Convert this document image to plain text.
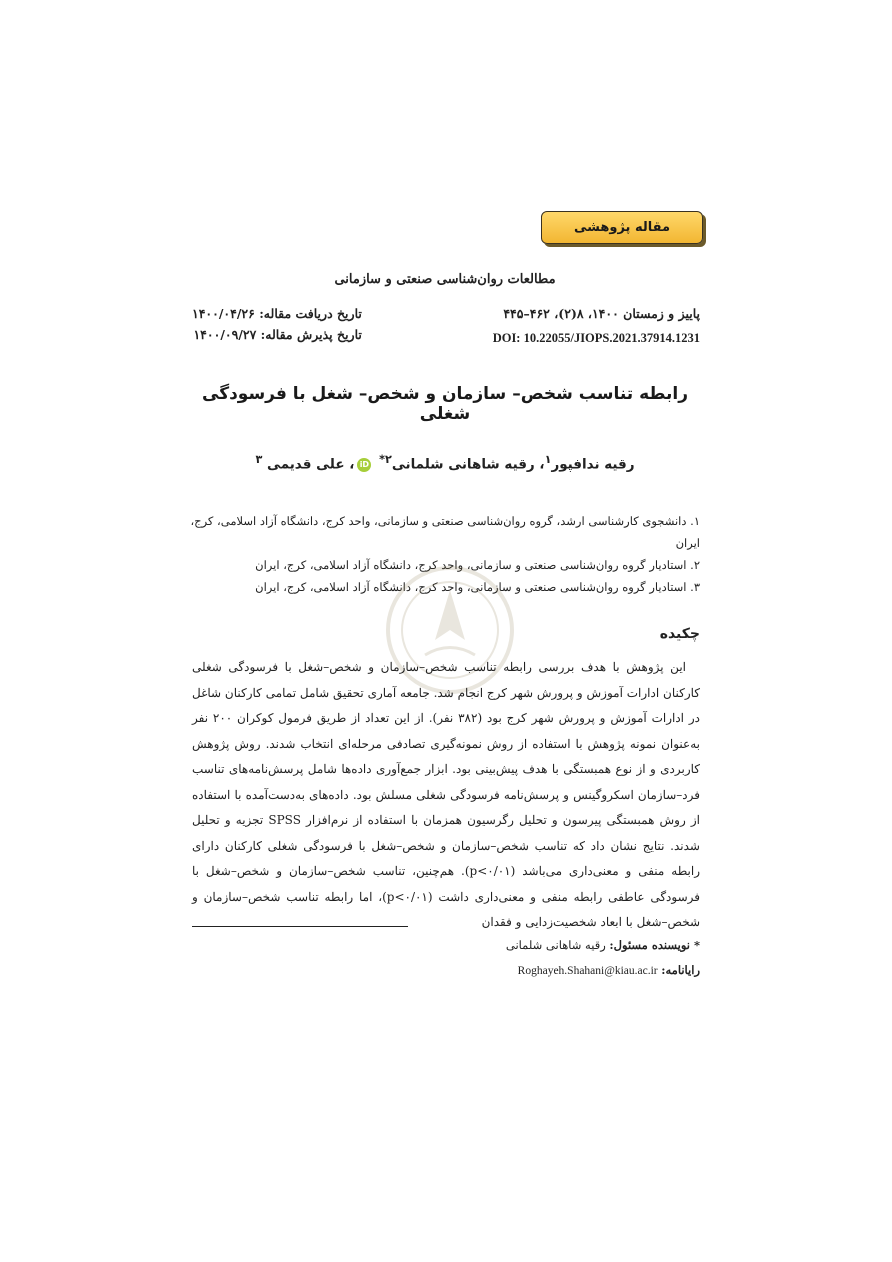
مقاله پژوهشی
مطالعات روان‌شناسی صنعتی و سازمانی
پاییز و زمستان ۱۴۰۰، ۸(۲)، ۴۶۲–۴۴۵
DOI: 10.22055/JIOPS.2021.37914.1231
تاریخ دریافت مقاله: ۱۴۰۰/۰۴/۲۶
تاریخ پذیرش مقاله: ۱۴۰۰/۰۹/۲۷
رابطه تناسب شخص– سازمان و شخص– شغل با فرسودگی شغلی
رقیه ندافپور$^۱$، رقیه شاهانی شلمانی$^{۲*}$ iD، علی قدیمی $^۳$
۱. دانشجوی کارشناسی ارشد، گروه روان‌شناسی صنعتی و سازمانی، واحد کرج، دانشگاه آزاد اسلامی، کرج، ایران
۲. استادیار گروه روان‌شناسی صنعتی و سازمانی، واحد کرج، دانشگاه آزاد اسلامی، کرج، ایران
۳. استادیار گروه روان‌شناسی صنعتی و سازمانی، واحد کرج، دانشگاه آزاد اسلامی، کرج، ایران
چکیده
این پژوهش با هدف بررسی رابطه تناسب شخص–سازمان و شخص–شغل با فرسودگی شغلی کارکنان ادارات آموزش و پرورش شهر کرج انجام شد. جامعه آماری تحقیق شامل تمامی کارکنان شاغل در ادارات آموزش و پرورش شهر کرج بود (۳۸۲ نفر). از این تعداد از طریق فرمول کوکران ۲۰۰ نفر به‌عنوان نمونه پژوهش با استفاده از روش نمونه‌گیری تصادفی مرحله‌ای انتخاب شدند. روش پژوهش کاربردی و از نوع همبستگی با هدف پیش‌بینی بود. ابزار جمع‌آوری داده‌ها شامل پرسش‌نامه‌های تناسب فرد–سازمان اسکروگینس و پرسش‌نامه فرسودگی شغلی مسلش بود. داده‌های به‌دست‌آمده با استفاده از روش همبستگی پیرسون و تحلیل رگرسیون همزمان با استفاده از نرم‌افزار SPSS تجزیه و تحلیل شدند. نتایج نشان داد که تناسب شخص–سازمان و شخص–شغل با فرسودگی شغلی کارکنان دارای رابطه منفی و معنی‌داری می‌باشد (p<۰/۰۱). هم‌چنین، تناسب شخص–سازمان و شخص–شغل با فرسودگی عاطفی رابطه منفی و معنی‌داری داشت (p<۰/۰۱)، اما رابطه تناسب شخص–سازمان و شخص–شغل با ابعاد شخصیت‌زدایی و فقدان
* نویسنده مسئول: رقیه شاهانی شلمانی
رایانامه: Roghayeh.Shahani@kiau.ac.ir
